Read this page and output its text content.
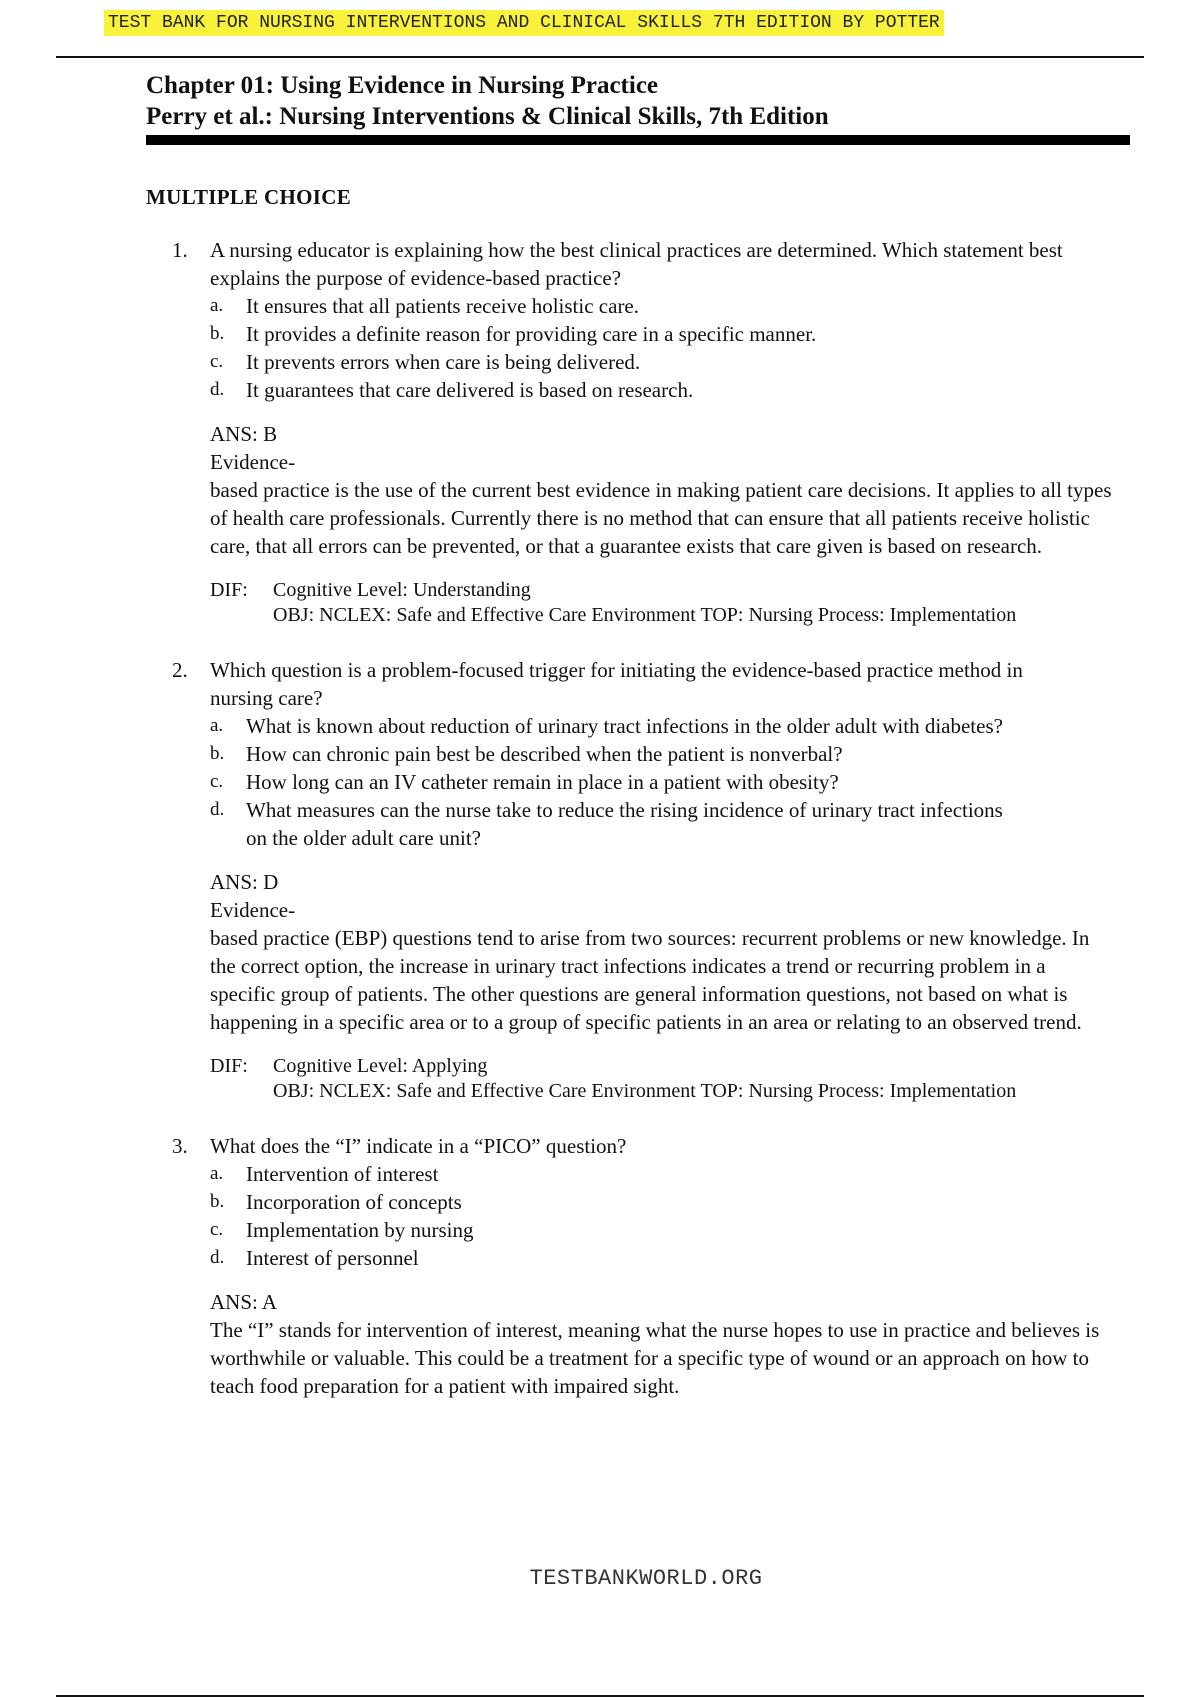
TEST BANK FOR NURSING INTERVENTIONS AND CLINICAL SKILLS 7TH EDITION BY POTTER
Chapter 01: Using Evidence in Nursing Practice
Perry et al.: Nursing Interventions & Clinical Skills, 7th Edition
MULTIPLE CHOICE
1. A nursing educator is explaining how the best clinical practices are determined. Which statement best explains the purpose of evidence-based practice?
a. It ensures that all patients receive holistic care.
b. It provides a definite reason for providing care in a specific manner.
c. It prevents errors when care is being delivered.
d. It guarantees that care delivered is based on research.
ANS: B
Evidence-
based practice is the use of the current best evidence in making patient care decisions. It applies to all types of health care professionals. Currently there is no method that can ensure that all patients receive holistic care, that all errors can be prevented, or that a guarantee exists that care given is based on research.
DIF: Cognitive Level: Understanding
OBJ: NCLEX: Safe and Effective Care Environment TOP: Nursing Process: Implementation
2. Which question is a problem-focused trigger for initiating the evidence-based practice method in nursing care?
a. What is known about reduction of urinary tract infections in the older adult with diabetes?
b. How can chronic pain best be described when the patient is nonverbal?
c. How long can an IV catheter remain in place in a patient with obesity?
d. What measures can the nurse take to reduce the rising incidence of urinary tract infections on the older adult care unit?
ANS: D
Evidence-
based practice (EBP) questions tend to arise from two sources: recurrent problems or new knowledge. In the correct option, the increase in urinary tract infections indicates a trend or recurring problem in a specific group of patients. The other questions are general information questions, not based on what is happening in a specific area or to a group of specific patients in an area or relating to an observed trend.
DIF: Cognitive Level: Applying
OBJ: NCLEX: Safe and Effective Care Environment TOP: Nursing Process: Implementation
3. What does the “I” indicate in a “PICO” question?
a. Intervention of interest
b. Incorporation of concepts
c. Implementation by nursing
d. Interest of personnel
ANS: A
The “I” stands for intervention of interest, meaning what the nurse hopes to use in practice and believes is worthwhile or valuable. This could be a treatment for a specific type of wound or an approach on how to teach food preparation for a patient with impaired sight.
TESTBANKWORLD.ORG
